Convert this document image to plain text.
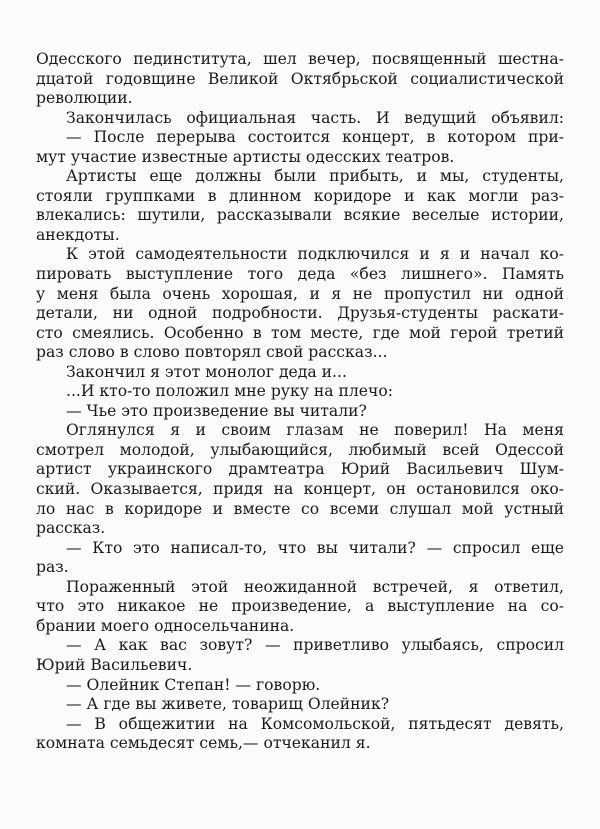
Одесского пединститута, шел вечер, посвященный шестна-
дцатой годовщине Великой Октябрьской социалистической
революции.
Закончилась официальная часть. И ведущий объявил:
— После перерыва состоится концерт, в котором при-
мут участие известные артисты одесских театров.
Артисты еще должны были прибыть, и мы, студенты,
стояли группками в длинном коридоре и как могли раз-
влекались: шутили, рассказывали всякие веселые истории,
анекдоты.
К этой самодеятельности подключился и я и начал ко-
пировать выступление того деда «без лишнего». Память
у меня была очень хорошая, и я не пропустил ни одной
детали, ни одной подробности. Друзья-студенты раскати-
сто смеялись. Особенно в том месте, где мой герой третий
раз слово в слово повторял свой рассказ...
Закончил я этот монолог деда и...
...И кто-то положил мне руку на плечо:
— Чье это произведение вы читали?
Оглянулся я и своим глазам не поверил! На меня
смотрел молодой, улыбающийся, любимый всей Одессой
артист украинского драмтеатра Юрий Васильевич Шум-
ский. Оказывается, придя на концерт, он остановился око-
ло нас в коридоре и вместе со всеми слушал мой устный
рассказ.
— Кто это написал-то, что вы читали? — спросил еще
раз.
Пораженный этой неожиданной встречей, я ответил,
что это никакое не произведение, а выступление на со-
брании моего односельчанина.
— А как вас зовут? — приветливо улыбаясь, спросил
Юрий Васильевич.
— Олейник Степан! — говорю.
— А где вы живете, товарищ Олейник?
— В общежитии на Комсомольской, пятьдесят девять,
комната семьдесят семь,— отчеканил я.
